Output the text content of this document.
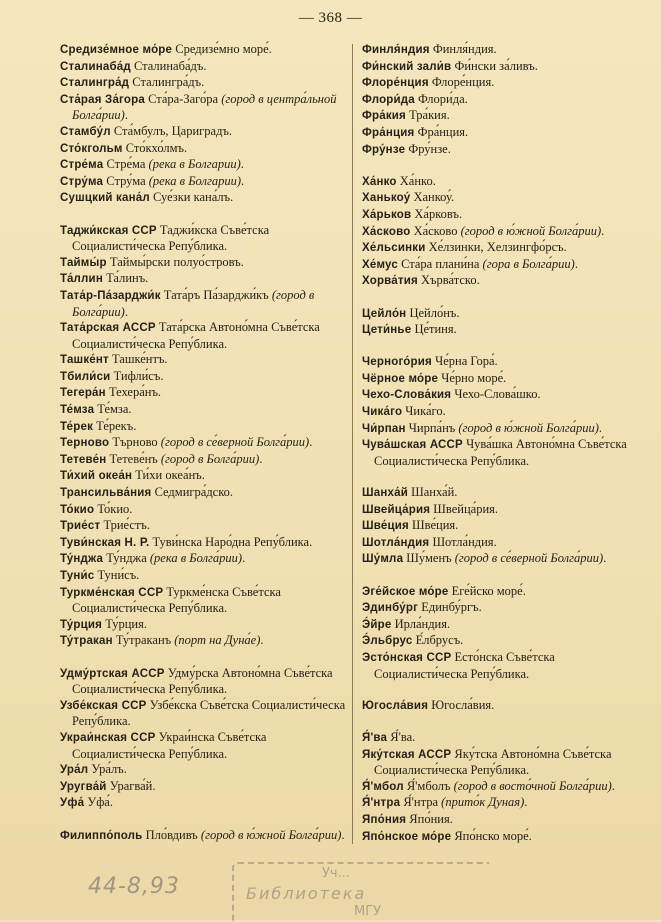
— 368 —
Средизе́мное мо́ре Средизе́мно море́.
Сталинаба́д Сталинаба́дъ.
Сталингра́д Сталингра́дъ.
Ста́рая За́гора Ста́ра-Заго́ра (город в центра́льной Болга́рии).
Стамбу́л Ста́мбулъ, Цариградъ.
Сто́кгольм Сто́кхо́лмъ.
Стре́ма Стре́ма (река в Болгарии).
Стру́ма Стру́ма (река в Болгарии).
Сушцкий кана́л Суе́зки кана́лъ.
Таджи́кская ССР Таджи́кска Съве́тска Социалисти́ческа Репу́блика.
Таймы́р Таймы́рски полуо́стровъ.
Та́ллин Та́линъ.
Тата́р-Па́зарджи́к Тата́ръ Па́зарджи́къ (город в Болга́рии).
Тата́рская АССР Тата́рска Автоно́мна Съве́тска Социалисти́ческа Репу́блика.
Ташке́нт Ташке́нтъ.
Тбили́си Тифли́съ.
Тегера́н Техера́нъ.
Те́мза Те́мза.
Те́рек Те́рекъ.
Терново Търново (город в се́верной Болга́рии).
Тетеве́н Тетеве́нъ (город в Болга́рии).
Ти́хий океа́н Ти́хи океа́нъ.
Трансильва́ния Седмигра́дско.
То́кио То́кио.
Трие́ст Трие́стъ.
Туви́нская Н. Р. Туви́нска Наро́дна Репу́блика.
Ту́нджа Ту́нджа (река в Болга́рии).
Туни́с Туни́съ.
Туркме́нская ССР Туркме́нска Съве́тска Социалисти́ческа Репу́блика.
Ту́рция Ту́рция.
Ту́тракан Ту́траканъ (порт на Дуна́е).
Удму́ртская АССР Удму́рска Автоно́мна Съве́тска Социалисти́ческа Репу́блика.
Узбе́кская ССР Узбе́кска Съве́тска Социалисти́ческа Репу́блика.
Украи́нская ССР Украи́нска Съве́тска Социалисти́ческа Репу́блика.
Ура́л Ура́лъ.
Уругва́й Урагва́й.
Уфа́ Уфа́.
Филиппо́поль Пло́вдивъ (город в ю́жной Болга́рии).
Финля́ндия Финля́ндия.
Фи́нский зали́в Фи́нски за́ливъ.
Флоре́нция Флоре́нция.
Флори́да Флори́да.
Фра́кия Тра́кия.
Фра́нция Фра́нция.
Фру́нзе Фру́нзе.
Ха́нко Ха́нко.
Ханькоу́ Ханкоу́.
Ха́рьков Ха́рковъ.
Ха́сково Ха́сково (город в ю́жной Болга́рии).
Хе́льсинки Хе́лзинки, Хелзингфо́рсъ.
Хе́мус Ста́ра плани́на (гора в Болга́рии).
Хорва́тия Хърва́тско.
Цейло́н Цейло́нъ.
Цети́нье Це́тиня.
Черного́рия Че́рна Гора́.
Чёрное мо́ре Че́рно море́.
Чехо-Слова́кия Чехо-Слова́шко.
Чика́го Чика́го.
Чи́рпан Чирпа́нъ (город в ю́жной Болга́рии).
Чува́шская АССР Чува́шка Автоно́мна Съве́тска Социалисти́ческа Репу́блика.
Шанха́й Шанха́й.
Швейца́рия Швейца́рия.
Шве́ция Шве́ция.
Шотла́ндия Шотла́ндия.
Шу́мла Шу́менъ (город в се́верной Болга́рии).
Эге́йское мо́ре Еге́йско море́.
Эдинбу́рг Единбу́ргъ.
Э́йре Ирла́ндия.
Э́льбрус Е́лбрусъ.
Эсто́нская ССР Есто́нска Съве́тска Социалисти́ческа Репу́блика.
Югосла́вия Югосла́вия.
Я́'ва Я́'ва.
Яку́тская АССР Яку́тска Автоно́мна Съве́тска Социалисти́ческа Репу́блика.
Я́'мбол Я́'мболъ (город в восто́чной Болга́рии).
Я́'нтра Я́'нтра (прито́к Дуная).
Япо́ния Япо́ния.
Япо́нское мо́ре Япо́нско море́.
44-8,93
Уч...
Библиотека
МГУ
